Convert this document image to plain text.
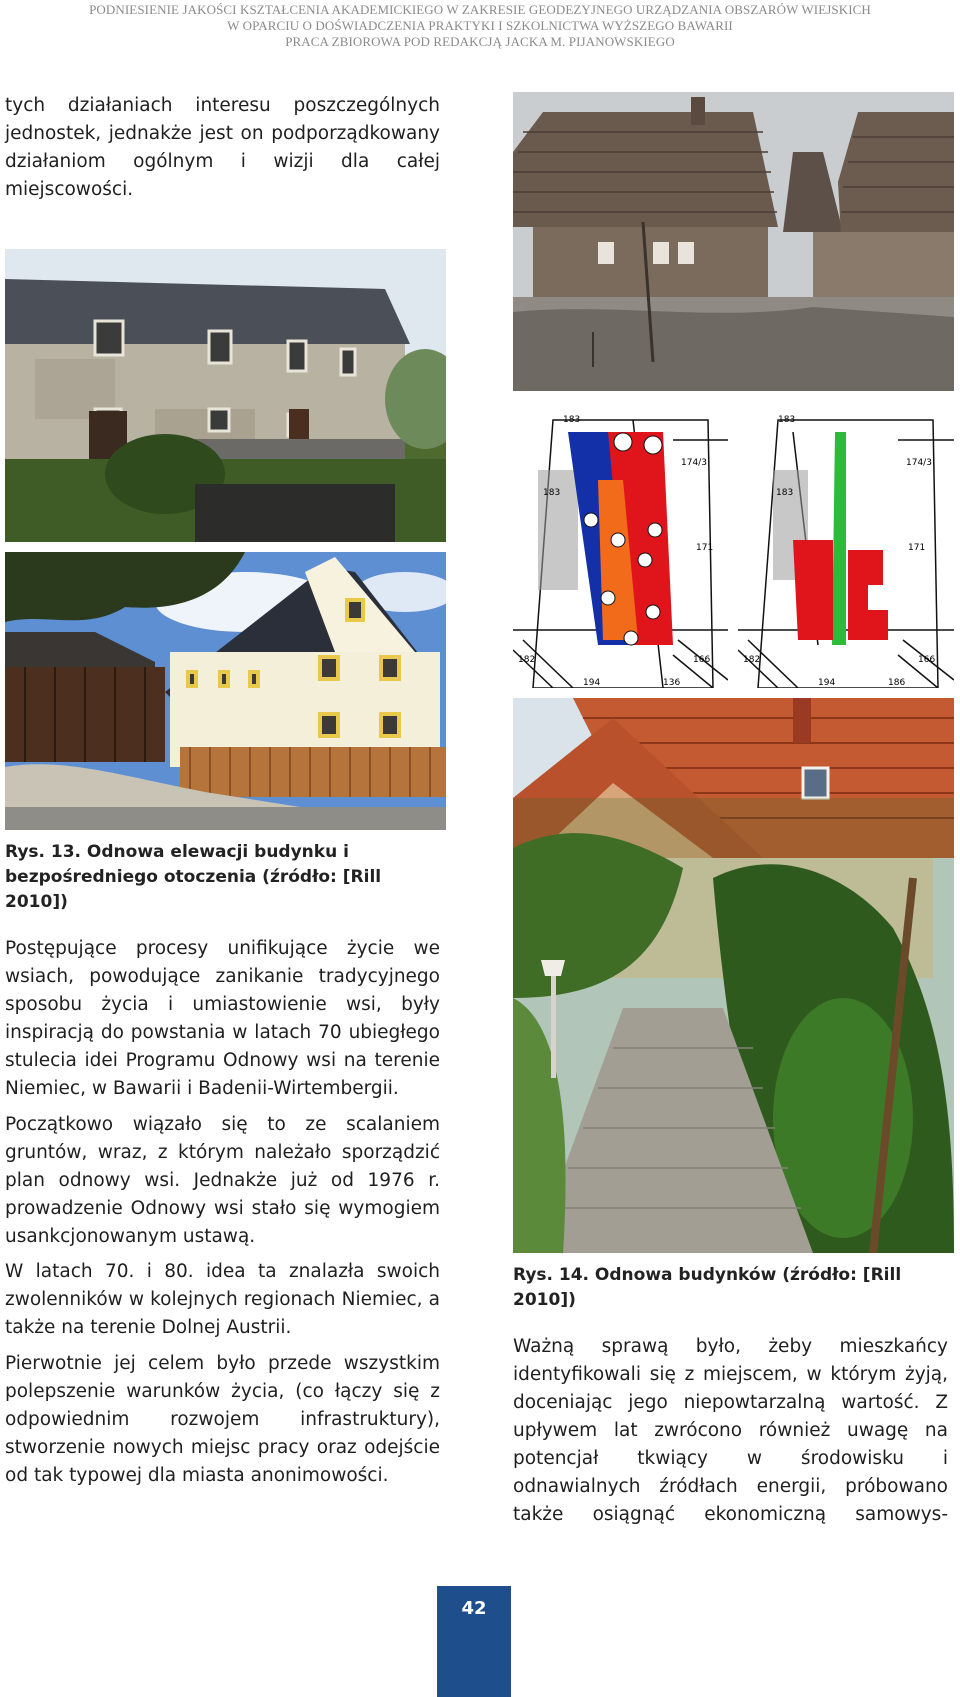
PODNIESIENIE JAKOŚCI KSZTAŁCENIA AKADEMICKIEGO W ZAKRESIE GEODEZYJNEGO URZĄDZANIA OBSZARÓW WIEJSKICH
W OPARCIU O DOŚWIADCZENIA PRAKTYKI I SZKOLNICTWA WYŻSZEGO BAWARII
PRACA ZBIOROWA POD REDAKCJĄ JACKA M. PIJANOWSKIEGO

tych działaniach interesu poszczególnych jednostek, jednakże jest on podporządkowany działaniom ogólnym i wizji dla całej miejscowości.

Rys. 13. Odnowa elewacji budynku i
bezpośredniego otoczenia (źródło: [Rill 2010])

Postępujące procesy unifikujące życie we wsiach, powodujące zanikanie tradycyjnego sposobu życia i umiastowienie wsi, były inspiracją do powstania w latach 70 ubiegłego stulecia idei Programu Odnowy wsi na terenie Niemiec, w Bawarii i Badenii-Wirtembergii.

Początkowo wiązało się to ze scalaniem gruntów, wraz, z którym należało sporządzić plan odnowy wsi. Jednakże już od 1976 r. prowadzenie Odnowy wsi stało się wymogiem usankcjonowanym ustawą.

W latach 70. i 80. idea ta znalazła swoich zwolenników w kolejnych regionach Niemiec, a także na terenie Dolnej Austrii.

Pierwotnie jej celem było przede wszystkim polepszenie warunków życia, (co łączy się z odpowiednim rozwojem infrastruktury), stworzenie nowych miejsc pracy oraz odejście od tak typowej dla miasta anonimowości.

183
174/3
183
171
182	166
194	136
183
174/3
183
171
182	166
194	186
Rys. 14. Odnowa budynków (źródło: [Rill 2010])

Ważną sprawą było, żeby mieszkańcy identyfikowali się z miejscem, w którym żyją, doceniając jego niepowtarzalną wartość. Z upływem lat zwrócono również uwagę na potencjał tkwiący w środowisku i odnawialnych źródłach energii, próbowano także osiągnąć ekonomiczną samowys-

42
